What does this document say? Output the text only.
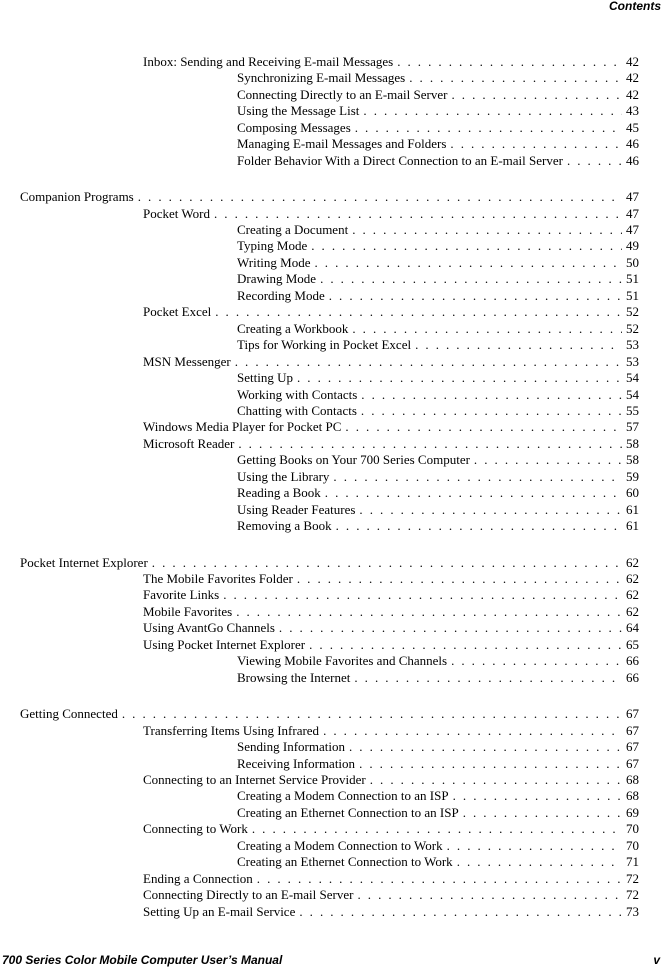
Contents
Inbox: Sending and Receiving E-mail Messages . . .	42
Synchronizing E-mail Messages . . .	42
Connecting Directly to an E-mail Server . . .	42
Using the Message List . . .	43
Composing Messages . . .	45
Managing E-mail Messages and Folders . . .	46
Folder Behavior With a Direct Connection to an E-mail Server . . .	46
Companion Programs . . .	47
Pocket Word . . .	47
Creating a Document . . .	47
Typing Mode . . .	49
Writing Mode . . .	50
Drawing Mode . . .	51
Recording Mode . . .	51
Pocket Excel . . .	52
Creating a Workbook . . .	52
Tips for Working in Pocket Excel . . .	53
MSN Messenger . . .	53
Setting Up . . .	54
Working with Contacts . . .	54
Chatting with Contacts . . .	55
Windows Media Player for Pocket PC . . .	57
Microsoft Reader . . .	58
Getting Books on Your 700 Series Computer . . .	58
Using the Library . . .	59
Reading a Book . . .	60
Using Reader Features . . .	61
Removing a Book . . .	61
Pocket Internet Explorer . . .	62
The Mobile Favorites Folder . . .	62
Favorite Links . . .	62
Mobile Favorites . . .	62
Using AvantGo Channels . . .	64
Using Pocket Internet Explorer . . .	65
Viewing Mobile Favorites and Channels . . .	66
Browsing the Internet . . .	66
Getting Connected . . .	67
Transferring Items Using Infrared . . .	67
Sending Information . . .	67
Receiving Information . . .	67
Connecting to an Internet Service Provider . . .	68
Creating a Modem Connection to an ISP . . .	68
Creating an Ethernet Connection to an ISP . . .	69
Connecting to Work . . .	70
Creating a Modem Connection to Work . . .	70
Creating an Ethernet Connection to Work . . .	71
Ending a Connection . . .	72
Connecting Directly to an E-mail Server . . .	72
Setting Up an E-mail Service . . .	73
700 Series Color Mobile Computer User’s Manual	v
